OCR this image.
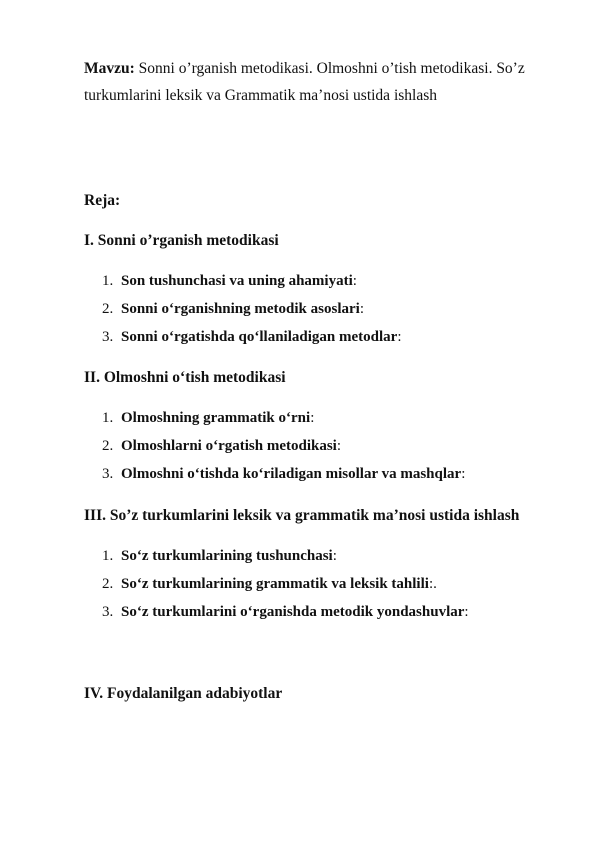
Mavzu: Sonni o’rganish metodikasi. Olmoshni o’tish metodikasi. So’z turkumlarini leksik va Grammatik ma’nosi ustida ishlash
Reja:
I. Sonni o’rganish metodikasi
1. Son tushunchasi va uning ahamiyati:
2. Sonni o‘rganishning metodik asoslari:
3. Sonni o‘rgatishda qo‘llaniladigan metodlar:
II. Olmoshni o‘tish metodikasi
1. Olmoshning grammatik o‘rni:
2. Olmoshlarni o‘rgatish metodikasi:
3. Olmoshni o‘tishda ko‘riladigan misollar va mashqlar:
III. So’z turkumlarini leksik va grammatik ma’nosi ustida ishlash
1. So‘z turkumlarining tushunchasi:
2. So‘z turkumlarining grammatik va leksik tahlili:.
3. So‘z turkumlarini o‘rganishda metodik yondashuvlar:
IV. Foydalanilgan adabiyotlar
